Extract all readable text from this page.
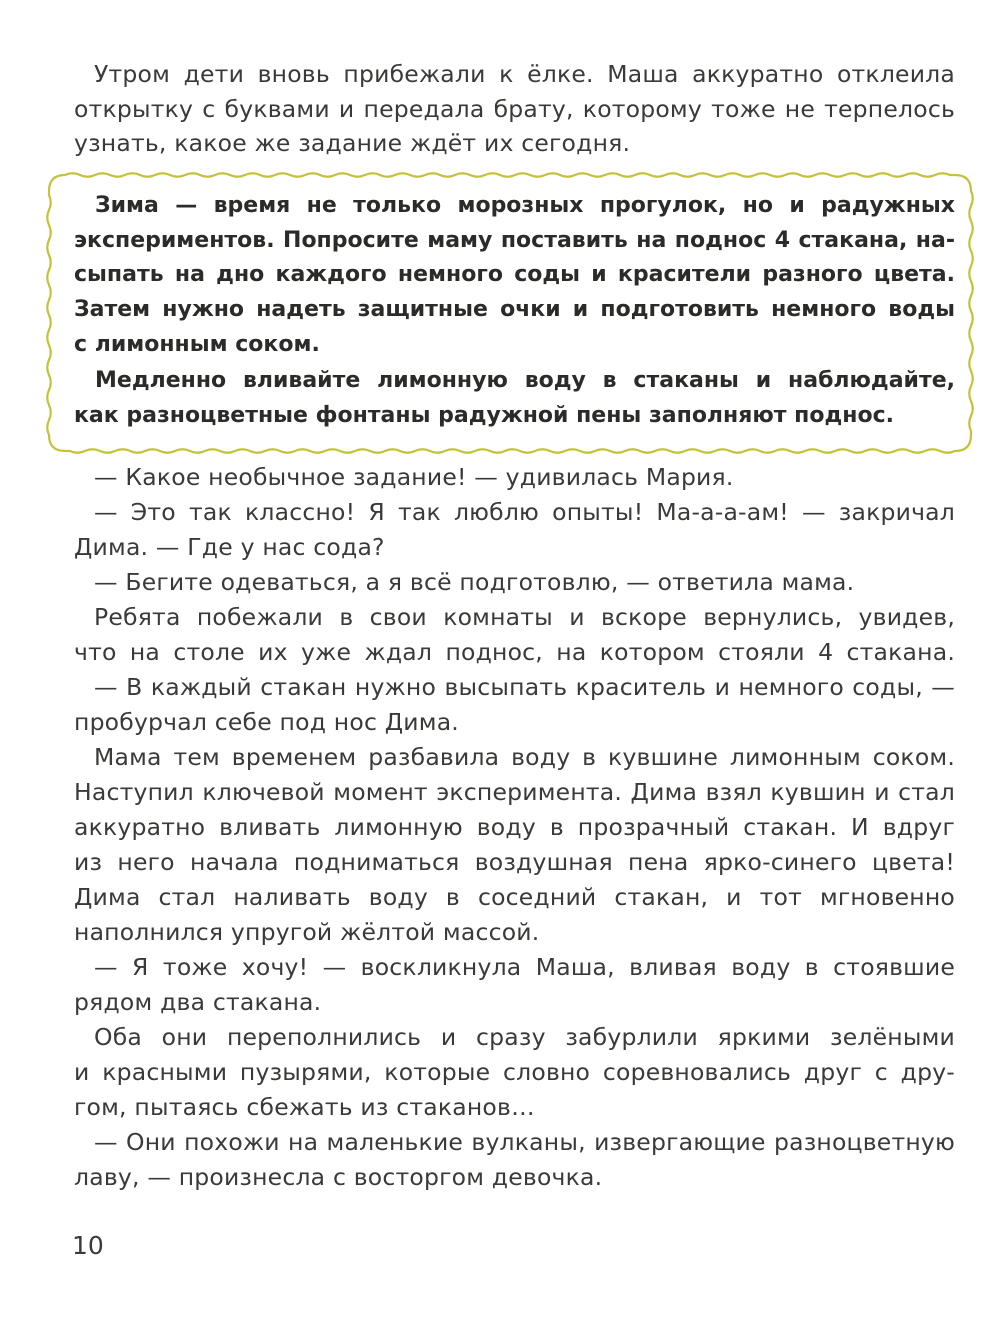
Утром дети вновь прибежали к ёлке. Маша аккуратно отклеила
открытку с буквами и передала брату, которому тоже не терпелось
узнать, какое же задание ждёт их сегодня.
Зима — время не только морозных прогулок, но и радужных
экспериментов. Попросите маму поставить на поднос 4 стакана, на-
сыпать на дно каждого немного соды и красители разного цвета.
Затем нужно надеть защитные очки и подготовить немного воды
с лимонным соком.
Медленно вливайте лимонную воду в стаканы и наблюдайте,
как разноцветные фонтаны радужной пены заполняют поднос.
— Какое необычное задание! — удивилась Мария.
— Это так классно! Я так люблю опыты! Ма-а-а-ам! — закричал
Дима. — Где у нас сода?
— Бегите одеваться, а я всё подготовлю, — ответила мама.
Ребята побежали в свои комнаты и вскоре вернулись, увидев,
что на столе их уже ждал поднос, на котором стояли 4 стакана.
— В каждый стакан нужно высыпать краситель и немного соды, —
пробурчал себе под нос Дима.
Мама тем временем разбавила воду в кувшине лимонным соком.
Наступил ключевой момент эксперимента. Дима взял кувшин и стал
аккуратно вливать лимонную воду в прозрачный стакан. И вдруг
из него начала подниматься воздушная пена ярко-синего цвета!
Дима стал наливать воду в соседний стакан, и тот мгновенно
наполнился упругой жёлтой массой.
— Я тоже хочу! — воскликнула Маша, вливая воду в стоявшие
рядом два стакана.
Оба они переполнились и сразу забурлили яркими зелёными
и красными пузырями, которые словно соревновались друг с дру-
гом, пытаясь сбежать из стаканов…
— Они похожи на маленькие вулканы, извергающие разноцветную
лаву, — произнесла с восторгом девочка.
10
